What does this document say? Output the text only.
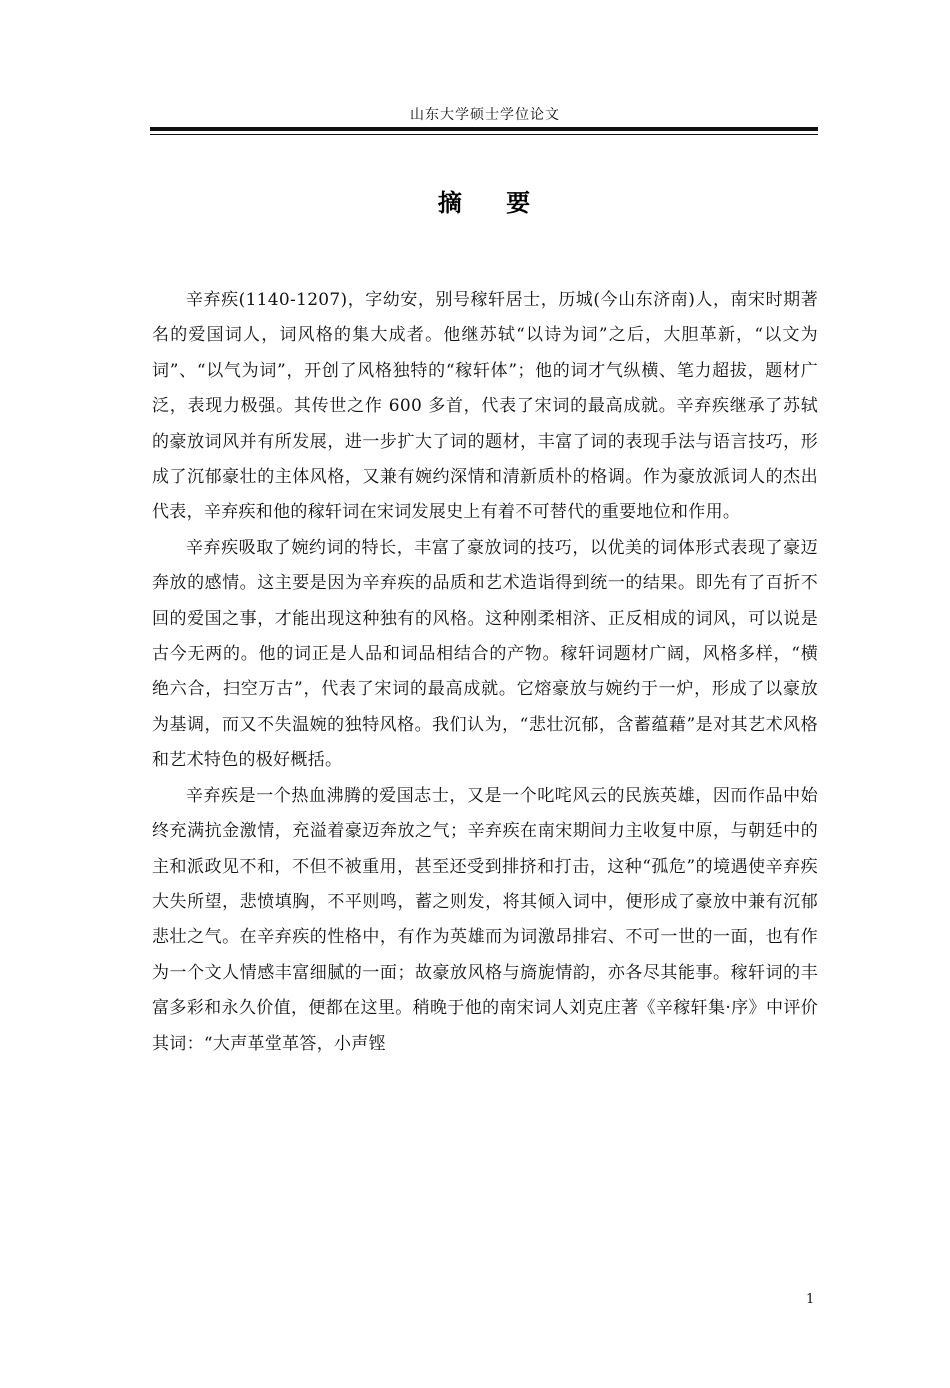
山东大学硕士学位论文
摘 要

辛弃疾(1140-1207)，字幼安，别号稼轩居士，历城(今山东济南)人，南宋时期著名的爱国词人，词风格的集大成者。他继苏轼“以诗为词”之后，大胆革新，“以文为词”、“以气为词”，开创了风格独特的“稼轩体”；他的词才气纵横、笔力超拔，题材广泛，表现力极强。其传世之作 600 多首，代表了宋词的最高成就。辛弃疾继承了苏轼的豪放词风并有所发展，进一步扩大了词的题材，丰富了词的表现手法与语言技巧，形成了沉郁豪壮的主体风格，又兼有婉约深情和清新质朴的格调。作为豪放派词人的杰出代表，辛弃疾和他的稼轩词在宋词发展史上有着不可替代的重要地位和作用。

辛弃疾吸取了婉约词的特长，丰富了豪放词的技巧，以优美的词体形式表现了豪迈奔放的感情。这主要是因为辛弃疾的品质和艺术造诣得到统一的结果。即先有了百折不回的爱国之事，才能出现这种独有的风格。这种刚柔相济、正反相成的词风，可以说是古今无两的。他的词正是人品和词品相结合的产物。稼轩词题材广阔，风格多样，“横绝六合，扫空万古”，代表了宋词的最高成就。它熔豪放与婉约于一炉，形成了以豪放为基调，而又不失温婉的独特风格。我们认为，“悲壮沉郁，含蓄蕴藉”是对其艺术风格和艺术特色的极好概括。

辛弃疾是一个热血沸腾的爱国志士，又是一个叱咤风云的民族英雄，因而作品中始终充满抗金激情，充溢着豪迈奔放之气；辛弃疾在南宋期间力主收复中原，与朝廷中的主和派政见不和，不但不被重用，甚至还受到排挤和打击，这种“孤危”的境遇使辛弃疾大失所望，悲愤填胸，不平则鸣，蓄之则发，将其倾入词中，便形成了豪放中兼有沉郁悲壮之气。在辛弃疾的性格中，有作为英雄而为词激昂排宕、不可一世的一面，也有作为一个文人情感丰富细腻的一面；故豪放风格与旖旎情韵，亦各尽其能事。稼轩词的丰富多彩和永久价值，便都在这里。稍晚于他的南宋词人刘克庄著《辛稼轩集·序》中评价其词：“大声革堂革答，小声铿

1
